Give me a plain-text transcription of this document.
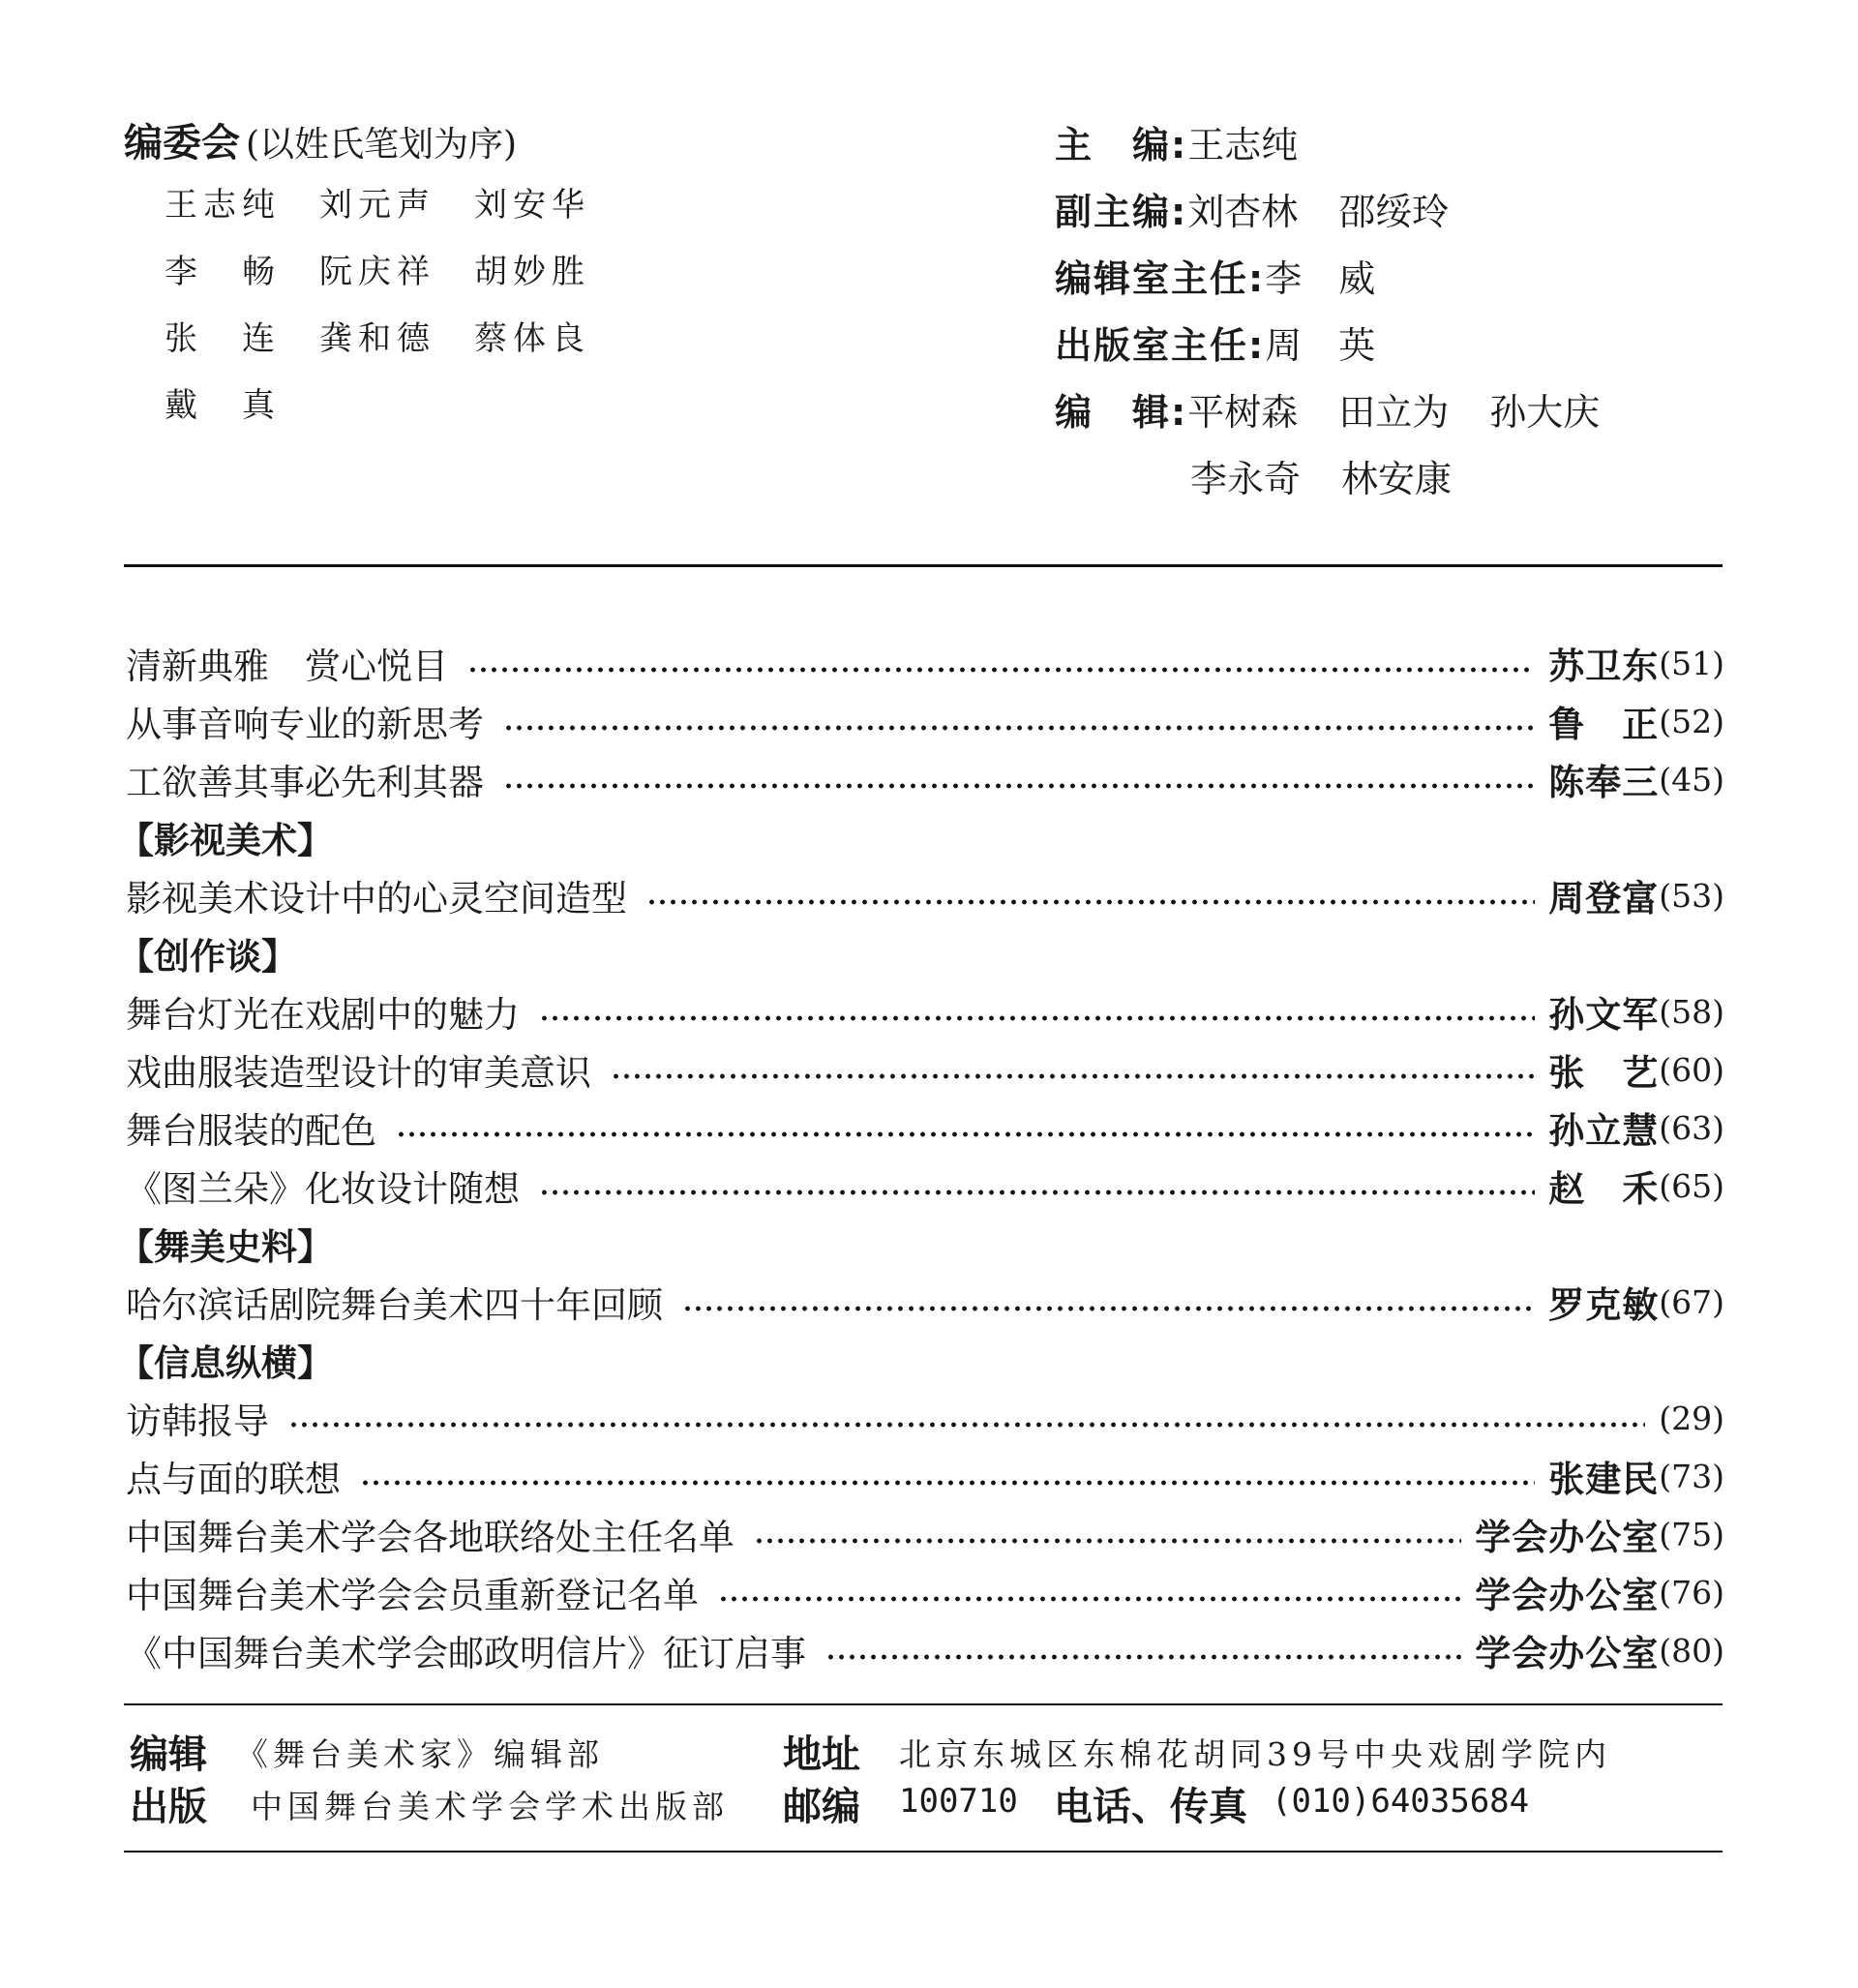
编委会 (以姓氏笔划为序)
王志纯	刘元声	刘安华
李　畅	阮庆祥	胡妙胜
张　连	龚和德	蔡体良
戴　真
主　编: 王志纯
副主编: 刘杏林 邵绥玲
编辑室主任: 李　威
出版室主任: 周　英
编　辑: 平树森 田立为 孙大庆
李永奇 林安康
清新典雅　赏心悦目	苏卫东 (51)
从事音响专业的新思考	鲁　正 (52)
工欲善其事必先利其器	陈奉三 (45)
【影视美术】
影视美术设计中的心灵空间造型	周登富 (53)
【创作谈】
舞台灯光在戏剧中的魅力	孙文军 (58)
戏曲服装造型设计的审美意识	张　艺 (60)
舞台服装的配色	孙立慧 (63)
《图兰朵》化妆设计随想	赵　禾 (65)
【舞美史料】
哈尔滨话剧院舞台美术四十年回顾	罗克敏 (67)
【信息纵横】
访韩报导	(29)
点与面的联想	张建民 (73)
中国舞台美术学会各地联络处主任名单	学会办公室 (75)
中国舞台美术学会会员重新登记名单	学会办公室 (76)
《中国舞台美术学会邮政明信片》征订启事	学会办公室 (80)
编辑 《舞台美术家》编辑部	地址 北京东城区东棉花胡同39号中央戏剧学院内
出版 中国舞台美术学会学术出版部 邮编 100710 电话、传真 (010)64035684
